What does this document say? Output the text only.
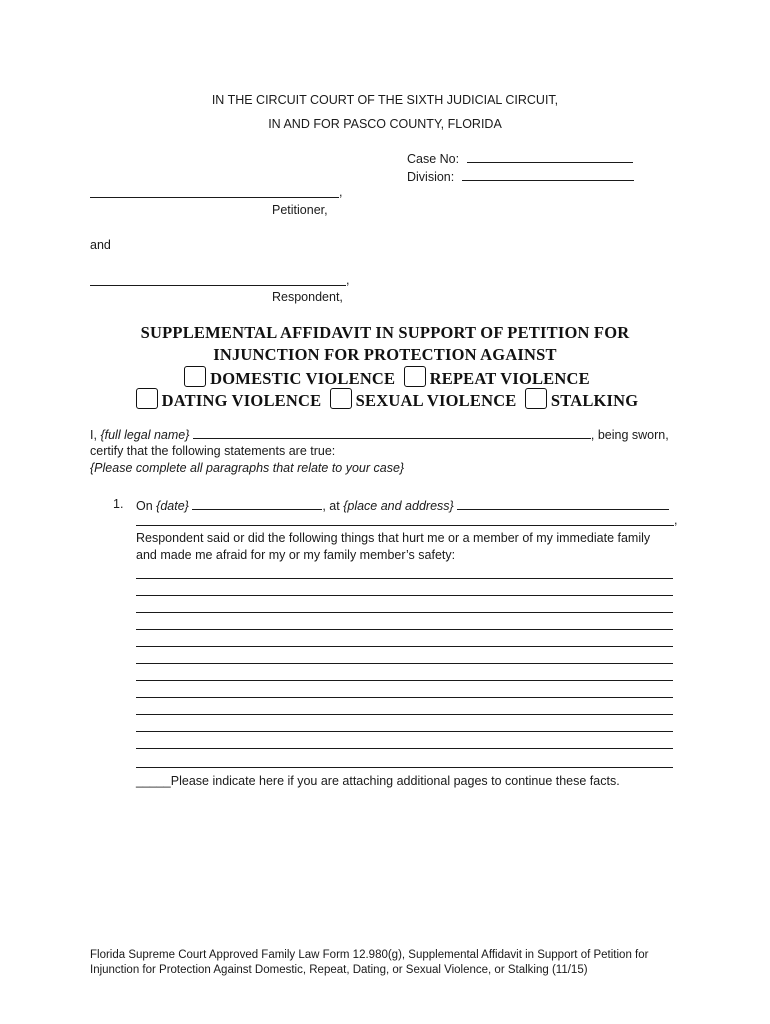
IN THE CIRCUIT COURT OF THE SIXTH JUDICIAL CIRCUIT,
IN AND FOR PASCO COUNTY, FLORIDA
Case No:
Division:
,
Petitioner,
and
,
Respondent,
SUPPLEMENTAL AFFIDAVIT IN SUPPORT OF PETITION FOR
INJUNCTION FOR PROTECTION AGAINST
DOMESTIC VIOLENCE REPEAT VIOLENCE
DATING VIOLENCE SEXUAL VIOLENCE STALKING
I, {full legal name}	, being sworn,
certify that the following statements are true:
{Please complete all paragraphs that relate to your case}
1. On {date}	, at {place and address}
,
Respondent said or did the following things that hurt me or a member of my immediate family
and made me afraid for my or my family member’s safety:
_____Please indicate here if you are attaching additional pages to continue these facts.
Florida Supreme Court Approved Family Law Form 12.980(g), Supplemental Affidavit in Support of Petition for
Injunction for Protection Against Domestic, Repeat, Dating, or Sexual Violence, or Stalking (11/15)
